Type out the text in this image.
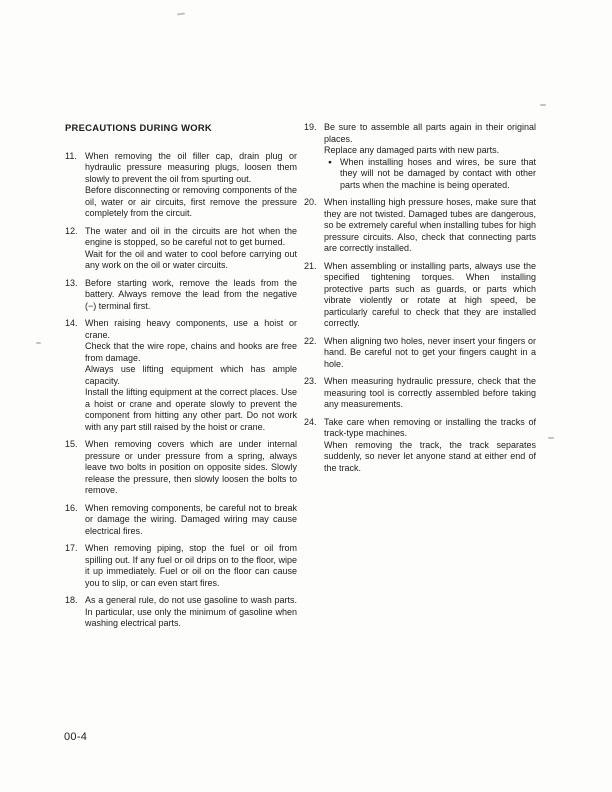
PRECAUTIONS DURING WORK
11. When removing the oil filler cap, drain plug or hydraulic pressure measuring plugs, loosen them slowly to prevent the oil from spurting out.

Before disconnecting or removing components of the oil, water or air circuits, first remove the pressure completely from the circuit.

12. The water and oil in the circuits are hot when the engine is stopped, so be careful not to get burned.

Wait for the oil and water to cool before carrying out any work on the oil or water circuits.

13. Before starting work, remove the leads from the battery. Always remove the lead from the negative (−) terminal first.

14. When raising heavy components, use a hoist or crane.

Check that the wire rope, chains and hooks are free from damage.

Always use lifting equipment which has ample capacity.

Install the lifting equipment at the correct places. Use a hoist or crane and operate slowly to prevent the component from hitting any other part. Do not work with any part still raised by the hoist or crane.

15. When removing covers which are under internal pressure or under pressure from a spring, always leave two bolts in position on opposite sides. Slowly release the pressure, then slowly loosen the bolts to remove.

16. When removing components, be careful not to break or damage the wiring. Damaged wiring may cause electrical fires.

17. When removing piping, stop the fuel or oil from spilling out. If any fuel or oil drips on to the floor, wipe it up immediately. Fuel or oil on the floor can cause you to slip, or can even start fires.

18. As a general rule, do not use gasoline to wash parts. In particular, use only the minimum of gasoline when washing electrical parts.

19. Be sure to assemble all parts again in their original places.

Replace any damaged parts with new parts.

● When installing hoses and wires, be sure that they will not be damaged by contact with other parts when the machine is being operated.

20. When installing high pressure hoses, make sure that they are not twisted. Damaged tubes are dangerous, so be extremely careful when installing tubes for high pressure circuits. Also, check that connecting parts are correctly installed.

21. When assembling or installing parts, always use the specified tightening torques. When installing protective parts such as guards, or parts which vibrate violently or rotate at high speed, be particularly careful to check that they are installed correctly.

22. When aligning two holes, never insert your fingers or hand. Be careful not to get your fingers caught in a hole.

23. When measuring hydraulic pressure, check that the measuring tool is correctly assembled before taking any measurements.

24. Take care when removing or installing the tracks of track-type machines.

When removing the track, the track separates suddenly, so never let anyone stand at either end of the track.

00-4
